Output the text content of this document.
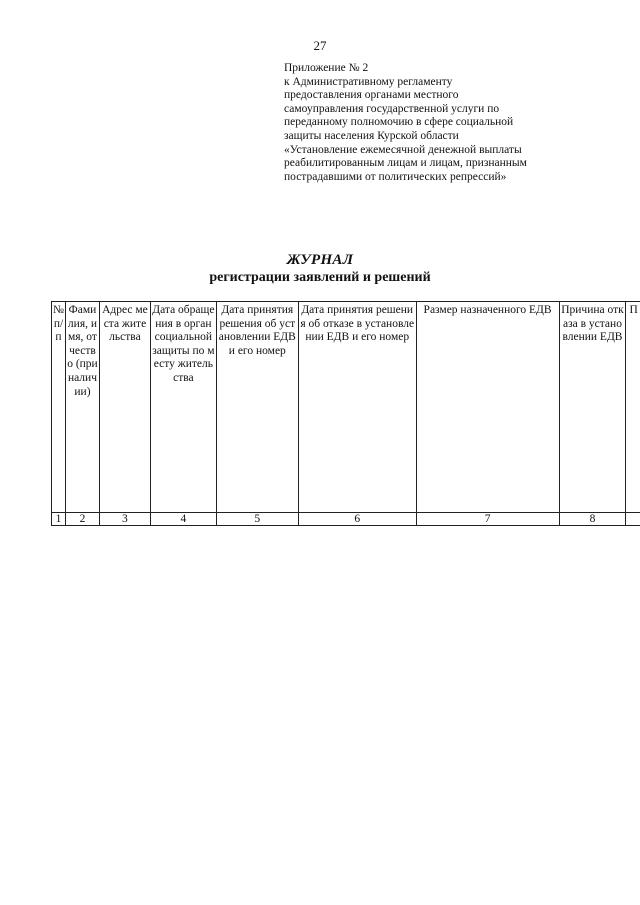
27
Приложение № 2
к Административному регламенту
предоставления органами местного
самоуправления государственной услуги по
переданному полномочию в сфере социальной
защиты населения Курской области
«Установление ежемесячной денежной выплаты
реабилитированным лицам и лицам, признанным
пострадавшими от политических репрессий»
ЖУРНАЛ
регистрации заявлений и решений
№ п/п	Фамилия, имя, отчество (при наличии)	Адрес места жительства	Дата обращения в орган социальной защиты по месту жительства	Дата принятия решения об установлении ЕДВ и его номер	Дата принятия решения об отказе в установлении ЕДВ и его номер	Размер назначенного ЕДВ	Причина отказа в установлении ЕДВ	П
1	2	3	4	5	6	7	8	
